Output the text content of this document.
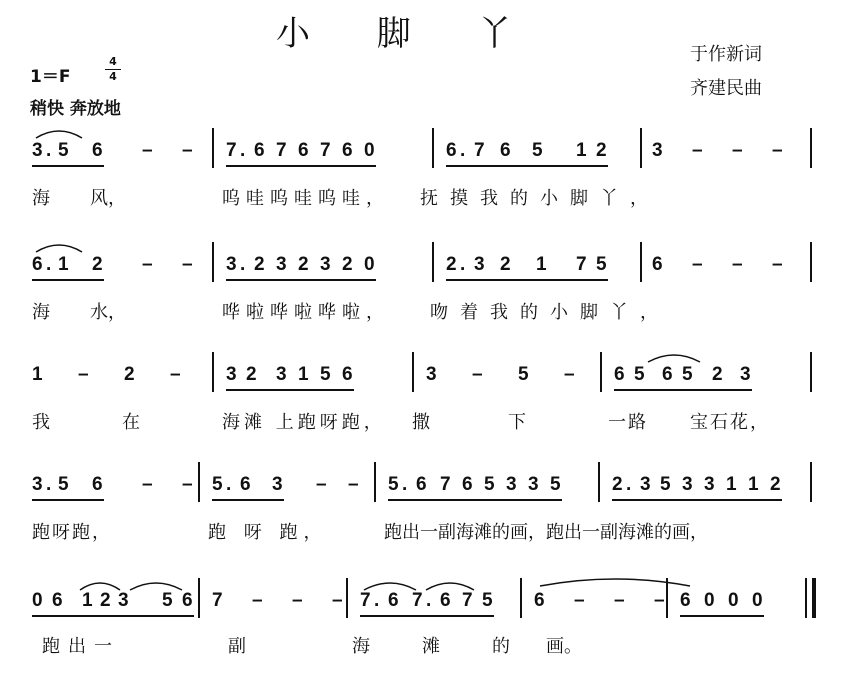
小 脚 丫
1＝F
4
4
稍快 奔放地
于作新词
齐建民曲
3 . 5 6 – – 7 . 6 7 6 7 6 0	6 . 7 6 5 1 2 3 – – –
6 . 1 2 – – 3 . 2 3 2 3 2 0	2 . 3 2 1 7 5 6 – – –
1 – 2 – 3 2 3 1 5 6	3 – 5 – 6 5 6 5 2 3
3 . 5 6 – – 5 . 6 3 – – 5 . 6 7 6 5 3 3 5	2 . 3 5 3 3 1 1 2
0 6 1 2 3 5 6 7 – – – 7 . 6 7 . 6 7 5 6 – – – 6 0 0 0
海 风，	呜哇呜哇呜哇， 抚摸我的小脚丫，
海 水，	哗啦哗啦哗啦， 吻着我的小脚丫，
我	在	海滩 上跑呀跑， 撒	下	一路 宝石花，
跑呀跑，	跑 呀 跑，	跑出一副海滩的画，跑出一副海滩的画，
跑出一	副	海	滩	的 画。
